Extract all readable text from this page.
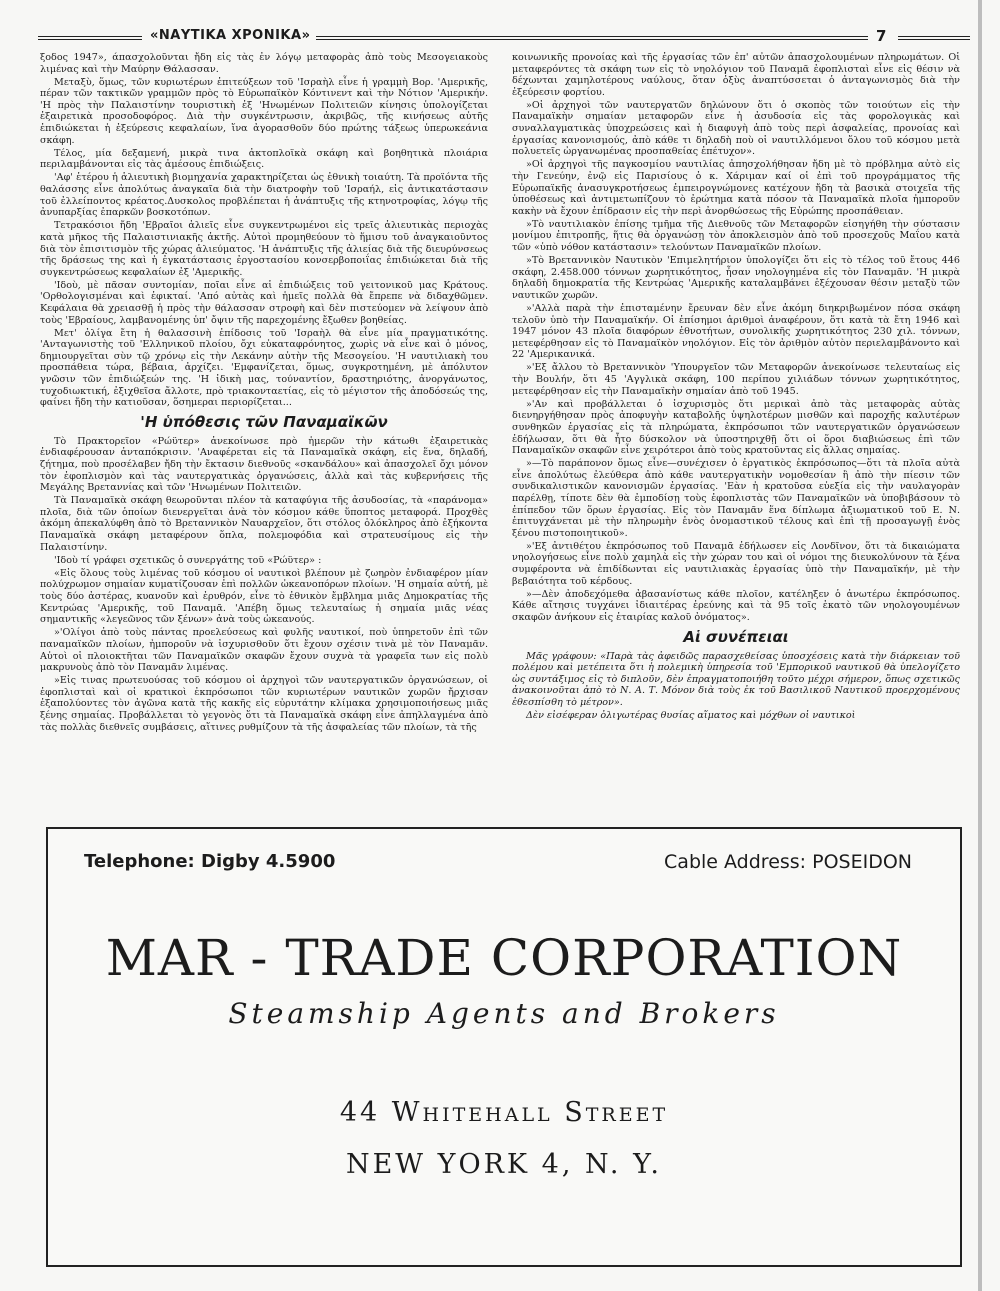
«ΝΑΥΤΙΚΑ ΧΡΟΝΙΚΑ»	7

ξοδος 1947», άπασχολοῦνται ἤδη εἰς τὰς ἐν λόγῳ μεταφορὰς ἀπὸ τοὺς Μεσογειακοὺς λιμένας καὶ τὴν Μαύρην Θάλασσαν.

Μεταξὺ, ὅμως, τῶν κυριωτέρων ἐπιτεύξεων τοῦ 'Ισραὴλ εἶνε ἡ γραμμὴ Βορ. 'Αμερικῆς, πέραν τῶν τακτικῶν γραμμῶν πρὸς τὸ Εὐρωπαϊκὸν Κόντινεντ καὶ τὴν Νότιον 'Αμερικήν. 'Η πρὸς τὴν Παλαιστίνην τουριστικὴ ἐξ 'Ηνωμένων Πολιτειῶν κίνησις ὑπολογίζεται ἐξαιρετικὰ προσοδοφόρος. Διὰ τὴν συγκέντρωσιν, ἀκριβῶς, τῆς κινήσεως αὐτῆς ἐπιδιώκεται ἡ ἐξεύρεσις κεφαλαίων, ἵνα ἀγορασθοῦν δύο πρώτης τάξεως ὑπερωκεάνια σκάφη.

Τέλος, μία δεξαμενή, μικρὰ τινα ἀκτοπλοϊκὰ σκάφη καὶ βοηθητικὰ πλοιάρια περιλαμβάνονται εἰς τὰς ἀμέσους ἐπιδιώξεις.

'Αφ' ἑτέρου ἡ ἁλιευτικὴ βιομηχανία χαρακτηρίζεται ὡς ἐθνικὴ τοιαύτη. Τὰ προϊόντα τῆς θαλάσσης εἶνε ἀπολύτως ἀναγκαῖα διὰ τὴν διατροφὴν τοῦ 'Ισραήλ, εἰς ἀντικατάστασιν τοῦ ἐλλείποντος κρέατος.Δυσκολος προβλέπεται ἡ ἀνάπτυξις τῆς κτηνοτροφίας, λόγῳ τῆς ἀνυπαρξίας ἐπαρκῶν βοσκοτόπων.

Τετρακόσιοι ἤδη 'Εβραῖοι ἁλιεῖς εἶνε συγκεντρωμένοι εἰς τρεῖς ἁλιευτικὰς περιοχὰς κατὰ μῆκος τῆς Παλαιστινιακῆς ἀκτῆς. Αὐτοὶ προμηθεύουν τὸ ἥμισυ τοῦ ἀναγκαιοῦντος διὰ τὸν ἐπισιτισμὸν τῆς χώρας ἁλιεύματος. 'Η ἀνάπτυξις τῆς ἁλιείας διὰ τῆς διευρύνσεως τῆς δράσεως της καὶ ἡ ἐγκατάστασις ἐργοστασίου κονσερβοποιΐας ἐπιδιώκεται διὰ τῆς συγκεντρώσεως κεφαλαίων ἐξ 'Αμερικῆς.

'Ιδοὺ, μὲ πᾶσαν συντομίαν, ποῖαι εἶνε αἱ ἐπιδιώξεις τοῦ γειτονικοῦ μας Κράτους. 'Ορθολογισμέναι καὶ ἐφικταί. 'Από αὐτὰς καὶ ἡμεῖς πολλὰ θὰ ἔπρεπε νὰ διδαχθῶμεν. Κεφάλαια θὰ χρειασθῇ ἡ πρὸς τὴν θάλασσαν στροφὴ καὶ δὲν πιστεύομεν νὰ λείψουν ἀπὸ τοὺς 'Εβραίους, λαμβανομένης ὑπ' ὄψιν τῆς παρεχομένης ἔξωθεν βοηθείας.

Μετ' ὀλίγα ἔτη ἡ θαλασσινὴ ἐπίδοσις τοῦ 'Ισραὴλ θὰ εἶνε μία πραγματικότης. 'Ανταγωνιστὴς τοῦ 'Ελληνικοῦ πλοίου, ὄχι εὐκαταφρόνητος, χωρὶς νὰ εἶνε καὶ ὁ μόνος, δημιουργεῖται σὺν τῷ χρόνῳ εἰς τὴν Λεκάνην αὐτὴν τῆς Μεσογείου. 'Η ναυτιλιακὴ του προσπάθεια τώρα, βέβαια, ἀρχίζει. 'Εμφανίζεται, ὅμως, συγκροτημένη, μὲ ἀπόλυτον γνῶσιν τῶν ἐπιδιώξεών της. 'Η ἰδικὴ μας, τούναντίον, δραστηριότης, ἀνοργάνωτος, τυχοδιωκτική, ἐξιχθεῖσα ἄλλοτε, πρὸ τριακονταετίας, εἰς τὸ μέγιστον τῆς ἀποδόσεώς της, φαίνει ἤδη τὴν κατιοῦσαν, ὅσημεραι περιορίζεται...

'Η ὑπόθεσις τῶν Παναμαϊκῶν

Τὸ Πρακτορεῖον «Ρώϋτερ» ἀνεκοίνωσε πρὸ ἡμερῶν τὴν κάτωθι ἐξαιρετικὰς ἐνδιαφέρουσαν ἀνταπόκρισιν. 'Αναφέρεται εἰς τὰ Παναμαϊκὰ σκάφη, εἰς ἕνα, δηλαδή, ζήτημα, ποὺ προσέλαβεν ἤδη τὴν ἔκτασιν διεθνοῦς «σκανδάλου» καὶ ἀπασχολεῖ ὄχι μόνον τὸν ἐφοπλισμὸν καὶ τὰς ναυτεργατικὰς ὀργανώσεις, ἀλλὰ καὶ τὰς κυβερνήσεις τῆς Μεγάλης Βρεταννίας καὶ τῶν 'Ηνωμένων Πολιτειῶν.

Τὰ Παναμαϊκὰ σκάφη θεωροῦνται πλέον τὰ καταφύγια τῆς ἀσυδοσίας, τὰ «παράνομα» πλοῖα, διὰ τῶν ὁποίων διενεργεῖται ἀνὰ τὸν κόσμον κάθε ὕποπτος μεταφορά. Προχθὲς ἀκόμη ἀπεκαλύφθη ἀπὸ τὸ Βρεταννικὸν Ναυαρχεῖον, ὅτι στόλος ὁλόκληρος ἀπὸ ἐξήκοντα Παναμαϊκὰ σκάφη μεταφέρουν ὅπλα, πολεμοφόδια καὶ στρατευσίμους εἰς τὴν Παλαιστίνην.

'Ιδοὺ τί γράφει σχετικῶς ὁ συνεργάτης τοῦ «Ρώϋτερ» :

«Εἰς ὅλους τοὺς λιμένας τοῦ κόσμου οἱ ναυτικοὶ βλέπουν μὲ ζωηρὸν ἐνδιαφέρον μίαν πολύχρωμον σημαίαν κυματίζουσαν ἐπὶ πολλῶν ὠκεανοπόρων πλοίων. 'Η σημαία αὐτή, μὲ τοὺς δύο ἀστέρας, κυανοῦν καὶ ἐρυθρόν, εἶνε τὸ ἐθνικὸν ἔμβλημα μιᾶς Δημοκρατίας τῆς Κεντρώας 'Αμερικῆς, τοῦ Παναμᾶ. 'Απέβη ὅμως τελευταίως ἡ σημαία μιᾶς νέας σημαντικῆς «λεγεῶνος τῶν ξένων» ἀνὰ τοὺς ὠκεανούς.

»'Ολίγοι ἀπὸ τοὺς πάντας προελεύσεως καὶ φυλῆς ναυτικοί, ποὺ ὑπηρετοῦν ἐπὶ τῶν παναμαϊκῶν πλοίων, ἠμποροῦν νὰ ἰσχυρισθοῦν ὅτι ἔχουν σχέσιν τινὰ μὲ τὸν Παναμᾶν. Αὐτοὶ οἱ πλοιοκτῆται τῶν Παναμαϊκῶν σκαφῶν ἔχουν συχνὰ τὰ γραφεῖα των εἰς πολὺ μακρυνοὺς ἀπὸ τὸν Παναμᾶν λιμένας.

»Εἰς τινας πρωτευούσας τοῦ κόσμου οἱ ἀρχηγοὶ τῶν ναυτεργατικῶν ὀργανώσεων, οἱ ἐφοπλισταὶ καὶ οἱ κρατικοὶ ἐκπρόσωποι τῶν κυριωτέρων ναυτικῶν χωρῶν ἤρχισαν ἐξαπολύοντες τὸν ἀγῶνα κατὰ τῆς κακῆς εἰς εὐρυτάτην κλίμακα χρησιμοποιήσεως μιᾶς ξένης σημαίας. Προβάλλεται τὸ γεγονὸς ὅτι τὰ Παναμαϊκὰ σκάφη εἶνε ἀπηλλαγμένα ἀπὸ τὰς πολλὰς διεθνεῖς συμβάσεις, αἵτινες ρυθμίζουν τὰ τῆς ἀσφαλείας τῶν πλοίων, τὰ τῆς

κοινωνικῆς προνοίας καὶ τῆς ἐργασίας τῶν ἐπ' αὐτῶν ἀπασχολουμένων πληρωμάτων. Οἱ μεταφερόντες τὰ σκάφη των εἰς τὸ νηολόγιον τοῦ Παναμᾶ ἐφοπλισταὶ εἶνε εἰς θέσιν νὰ δέχωνται χαμηλοτέρους ναύλους, ὅταν ὀξὺς ἀναπτύσσεται ὁ ἀνταγωνισμὸς διὰ τὴν ἐξεύρεσιν φορτίου.

»Οἱ ἀρχηγοὶ τῶν ναυτεργατῶν δηλώνουν ὅτι ὁ σκοπὸς τῶν τοιούτων εἰς τὴν Παναμαϊκὴν σημαίαν μεταφορῶν εἶνε ἡ ἀσυδοσία εἰς τὰς φορολογικὰς καὶ συναλλαγματικὰς ὑποχρεώσεις καὶ ἡ διαφυγὴ ἀπὸ τοὺς περὶ ἀσφαλείας, προνοίας καὶ ἐργασίας κανονισμούς, ἀπὸ κάθε τι δηλαδὴ ποὺ οἱ ναυτιλλόμενοι ὅλου τοῦ κόσμου μετὰ πολυετεῖς ὠργανωμένας προσπαθείας ἐπέτυχον».

»Οἱ ἀρχηγοὶ τῆς παγκοσμίου ναυτιλίας ἀπησχολήθησαν ἤδη μὲ τὸ πρόβλημα αὐτὸ εἰς τὴν Γενεύην, ἐνῷ εἰς Παρισίους ὁ κ. Χάριμαν καί οἱ ἐπὶ τοῦ προγράμματος τῆς Εὐρωπαϊκῆς ἀνασυγκροτήσεως ἐμπειρογνώμονες κατέχουν ἤδη τὰ βασικὰ στοιχεῖα τῆς ὑποθέσεως καὶ ἀντιμετωπίζουν τὸ ἐρώτημα κατὰ πόσον τὰ Παναμαϊκὰ πλοῖα ἠμποροῦν κακὴν νὰ ἔχουν ἐπίδρασιν εἰς τὴν περὶ ἀνορθώσεως τῆς Εὐρώπης προσπάθειαν.

»Τὸ ναυτιλιακὸν ἐπίσης τμῆμα τῆς Διεθνοῦς τῶν Μεταφορῶν εἰσηγήθη τὴν σύστασιν μονίμου ἐπιτροπῆς, ἥτις θὰ ὀργανώσῃ τὸν ἀποκλεισμὸν ἀπὸ τοῦ προσεχοῦς Μαΐου κατὰ τῶν «ὑπὸ νόθον κατάστασιν» τελούντων Παναμαϊκῶν πλοίων.

»Τὸ Βρεταννικὸν Ναυτικὸν 'Επιμελητήριον ὑπολογίζει ὅτι εἰς τὸ τέλος τοῦ ἔτους 446 σκάφη, 2.458.000 τόννων χωρητικότητος, ἦσαν νηολογημένα εἰς τὸν Παναμᾶν. 'Η μικρὰ δηλαδὴ δημοκρατία τῆς Κεντρώας 'Αμερικῆς καταλαμβάνει ἑξέχουσαν θέσιν μεταξὺ τῶν ναυτικῶν χωρῶν.

»'Αλλὰ παρὰ τὴν ἐπισταμένην ἔρευναν δὲν εἶνε ἀκόμη διηκριβωμένον πόσα σκάφη τελοῦν ὑπὸ τὴν Παναμαϊκήν. Οἱ ἐπίσημοι ἀριθμοὶ ἀναφέρουν, ὅτι κατὰ τὰ ἔτη 1946 καὶ 1947 μόνον 43 πλοῖα διαφόρων ἐθνοτήτων, συνολικῆς χωρητικότητος 230 χιλ. τόννων, μετεφέρθησαν εἰς τὸ Παναμαϊκὸν νηολόγιον. Εἰς τὸν ἀριθμὸν αὐτὸν περιελαμβάνοντο καὶ 22 'Αμερικανικά.

»'Εξ ἄλλου τὸ Βρεταννικὸν 'Υπουργεῖον τῶν Μεταφορῶν ἀνεκοίνωσε τελευταίως εἰς τὴν Βουλήν, ὅτι 45 'Αγγλικὰ σκάφη, 100 περίπου χιλιάδων τόννων χωρητικότητος, μετεφέρθησαν εἰς τὴν Παναμαϊκὴν σημαίαν ἀπὸ τοῦ 1945.

»'Αν καὶ προβάλλεται ὁ ἰσχυρισμὸς ὅτι μερικαὶ ἀπὸ τὰς μεταφορὰς αὐτὰς διενηργήθησαν πρὸς ἀποφυγὴν καταβολῆς ὑψηλοτέρων μισθῶν καὶ παροχῆς καλυτέρων συνθηκῶν ἐργασίας εἰς τὰ πληρώματα, ἐκπρόσωποι τῶν ναυτεργατικῶν ὀργανώσεων ἐδήλωσαν, ὅτι θὰ ἦτο δύσκολον νὰ ὑποστηριχθῇ ὅτι οἱ ὅροι διαβιώσεως ἐπὶ τῶν Παναμαϊκῶν σκαφῶν εἶνε χειρότεροι ἀπὸ τοὺς κρατοῦντας εἰς ἄλλας σημαίας.

»—Τὸ παράπονον ὅμως εἶνε—συνέχισεν ὁ ἐργατικὸς ἐκπρόσωπος—ὅτι τὰ πλοῖα αὐτὰ εἶνε ἀπολύτως ἐλεύθερα ἀπὸ κάθε ναυτεργατικὴν νομοθεσίαν ἢ ἀπὸ τὴν πίεσιν τῶν συνδικαλιστικῶν κανονισμῶν ἐργασίας. 'Εὰν ἡ κρατοῦσα εὐεξία εἰς τὴν ναυλαγορὰν παρέλθῃ, τίποτε δὲν θὰ ἐμποδίσῃ τοὺς ἐφοπλιστὰς τῶν Παναμαϊκῶν νὰ ὑποβιβάσουν τὸ ἐπίπεδον τῶν ὅρων ἐργασίας. Εἰς τὸν Παναμᾶν ἕνα δίπλωμα ἀξιωματικοῦ τοῦ Ε. Ν. ἐπιτυγχάνεται μὲ τὴν πληρωμὴν ἑνὸς ὀνομαστικοῦ τέλους καὶ ἐπὶ τῇ προσαγωγῇ ἑνὸς ξένου πιστοποιητικοῦ».

»'Εξ ἀντιθέτου ἐκπρόσωπος τοῦ Παναμᾶ ἐδήλωσεν εἰς Λονδῖνον, ὅτι τὰ δικαιώματα νηολογήσεως εἶνε πολὺ χαμηλὰ εἰς τὴν χώραν του καὶ οἱ νόμοι της διευκολύνουν τὰ ξένα συμφέροντα νὰ ἐπιδίδωνται εἰς ναυτιλιακὰς ἐργασίας ὑπὸ τὴν Παναμαϊκήν, μὲ τὴν βεβαιότητα τοῦ κέρδους.

»—Δὲν ἀποδεχόμεθα ἀβασανίστως κάθε πλοῖον, κατέληξεν ὁ ἀνωτέρω ἐκπρόσωπος. Κάθε αἴτησις τυγχάνει ἰδιαιτέρας ἐρεύνης καὶ τὰ 95 τοῖς ἑκατὸ τῶν νηολογουμένων σκαφῶν ἀνήκουν εἰς ἑταιρίας καλοῦ ὀνόματος».

Αἱ συνέπειαι

Μᾶς γράφουν: «Παρὰ τὰς ἀφειδῶς παρασχεθείσας ὑποσχέσεις κατὰ τὴν διάρκειαν τοῦ πολέμου καὶ μετέπειτα ὅτι ἡ πολεμικὴ ὑπηρεσία τοῦ 'Εμπορικοῦ ναυτικοῦ θὰ ὑπελογίζετο ὡς συντάξιμος εἰς τὸ διπλοῦν, δὲν ἐπραγματοποιήθη τοῦτο μέχρι σήμερον, ὅπως σχετικῶς ἀνακοινοῦται ἀπὸ τὸ Ν. Α. Τ. Μόνον διὰ τοὺς ἐκ τοῦ Βασιλικοῦ Ναυτικοῦ προερχομένους ἐθεσπίσθη τὸ μέτρον».

Δὲν εἰσέφεραν ὀλιγωτέρας θυσίας αἵματος καὶ μόχθων οἱ ναυτικοὶ

Telephone: Digby 4.5900	Cable Address: POSEIDON
MAR - TRADE CORPORATION
Steamship Agents and Brokers
44 Whitehall Street
NEW YORK 4, N. Y.
